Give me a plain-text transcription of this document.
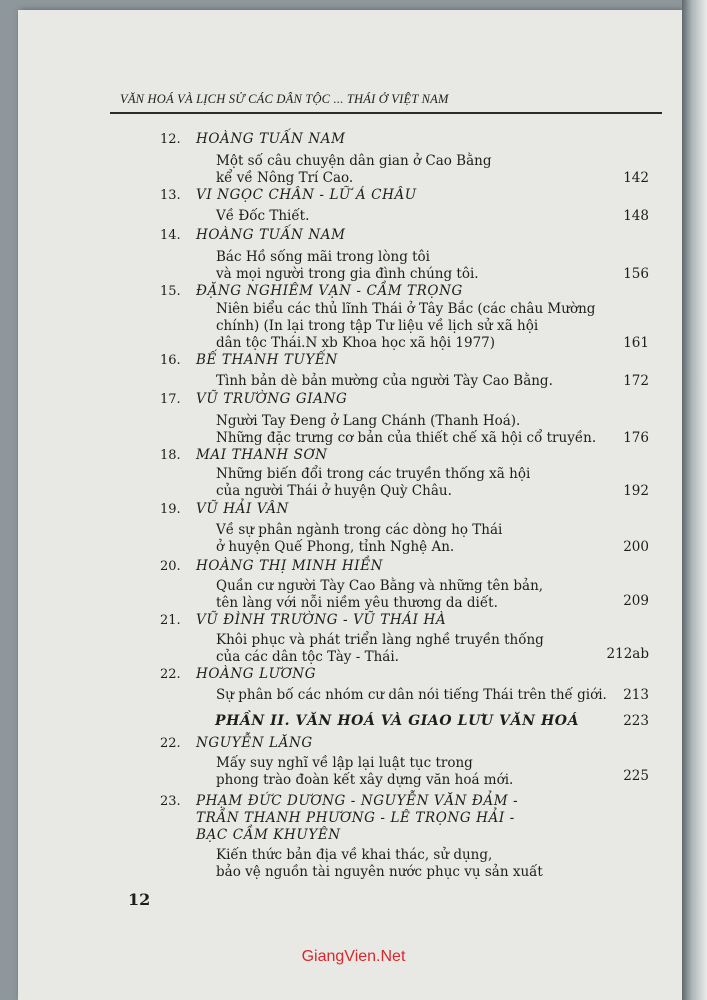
VĂN HOÁ VÀ LỊCH SỬ CÁC DÂN TỘC ... THÁI Ở VIỆT NAM
12. HOÀNG TUẤN NAM
Một số câu chuyện dân gian ở Cao Bằng
kể về Nông Trí Cao.	142
13. VI NGỌC CHÂN - LỮ Á CHÂU
Về Đốc Thiết.	148
14. HOÀNG TUẤN NAM
Bác Hồ sống mãi trong lòng tôi
và mọi người trong gia đình chúng tôi.	156
15. ĐẶNG NGHIÊM VẠN - CẦM TRỌNG
Niên biểu các thủ lĩnh Thái ở Tây Bắc (các châu Mường
chính) (In lại trong tập Tư liệu về lịch sử xã hội
dân tộc Thái.N xb Khoa học xã hội 1977)	161
16. BẾ THANH TUYẾN
Tình bản dè bản mường của người Tày Cao Bằng.	172
17. VŨ TRƯỜNG GIANG
Người Tay Đeng ở Lang Chánh (Thanh Hoá).
Những đặc trưng cơ bản của thiết chế xã hội cổ truyền. 176
18. MAI THANH SƠN
Những biến đổi trong các truyền thống xã hội
của người Thái ở huyện Quỳ Châu.	192
19. VŨ HẢI VÂN
Về sự phân ngành trong các dòng họ Thái
ở huyện Quế Phong, tỉnh Nghệ An.	200
20. HOÀNG THỊ MINH HIỀN
Quần cư người Tày Cao Bằng và những tên bản,
tên làng với nỗi niềm yêu thương da diết.	209
21. VŨ ĐÌNH TRƯỜNG - VŨ THÁI HÀ
Khôi phục và phát triển làng nghề truyền thống
của các dân tộc Tày - Thái.	212ab
22. HOÀNG LƯƠNG
Sự phân bố các nhóm cư dân nói tiếng Thái trên thế giới. 213
PHẦN II. VĂN HOÁ VÀ GIAO LƯU VĂN HOÁ	223
22. NGUYỄN LĂNG
Mấy suy nghĩ về lập lại luật tục trong
phong trào đoàn kết xây dựng văn hoá mới.	225
23. PHẠM ĐỨC DƯƠNG - NGUYỄN VĂN ĐẢM -
TRẦN THANH PHƯƠNG - LÊ TRỌNG HẢI -
BẠC CẦM KHUYÊN
Kiến thức bản địa về khai thác, sử dụng,
bảo vệ nguồn tài nguyên nước phục vụ sản xuất
12
GiangVien.Net
